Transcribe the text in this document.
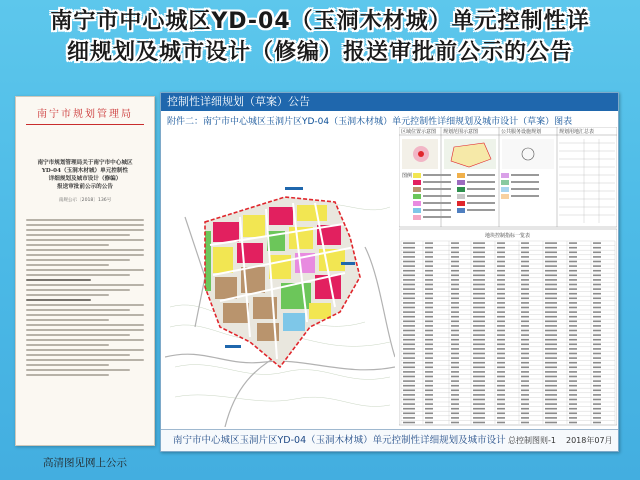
南宁市中心城区YD-04（玉洞木材城）单元控制性详
细规划及城市设计（修编）报送审批前公示的公告
南宁市规划管理局
南宁市规划管理局关于南宁市中心城区
YD-04（玉洞木材城）单元控制性
详细规划及城市设计（修编）
报送审批前公示的公告
南规公示〔2018〕136号
高清图见网上公示
控制性详细规划（草案）公告
附件二：南宁市中心城区玉洞片区YD-04（玉洞木材城）单元控制性详细规划及城市设计（草案）图表
区域位置示意图 规划范围示意图	公共服务设施规划	规划用地汇总表
图例
地块控制指标一览表
南宁市中心城区玉洞片区YD-04（玉洞木材城）单元控制性详细规划及城市设计 总控制图则-1 2018年07月
